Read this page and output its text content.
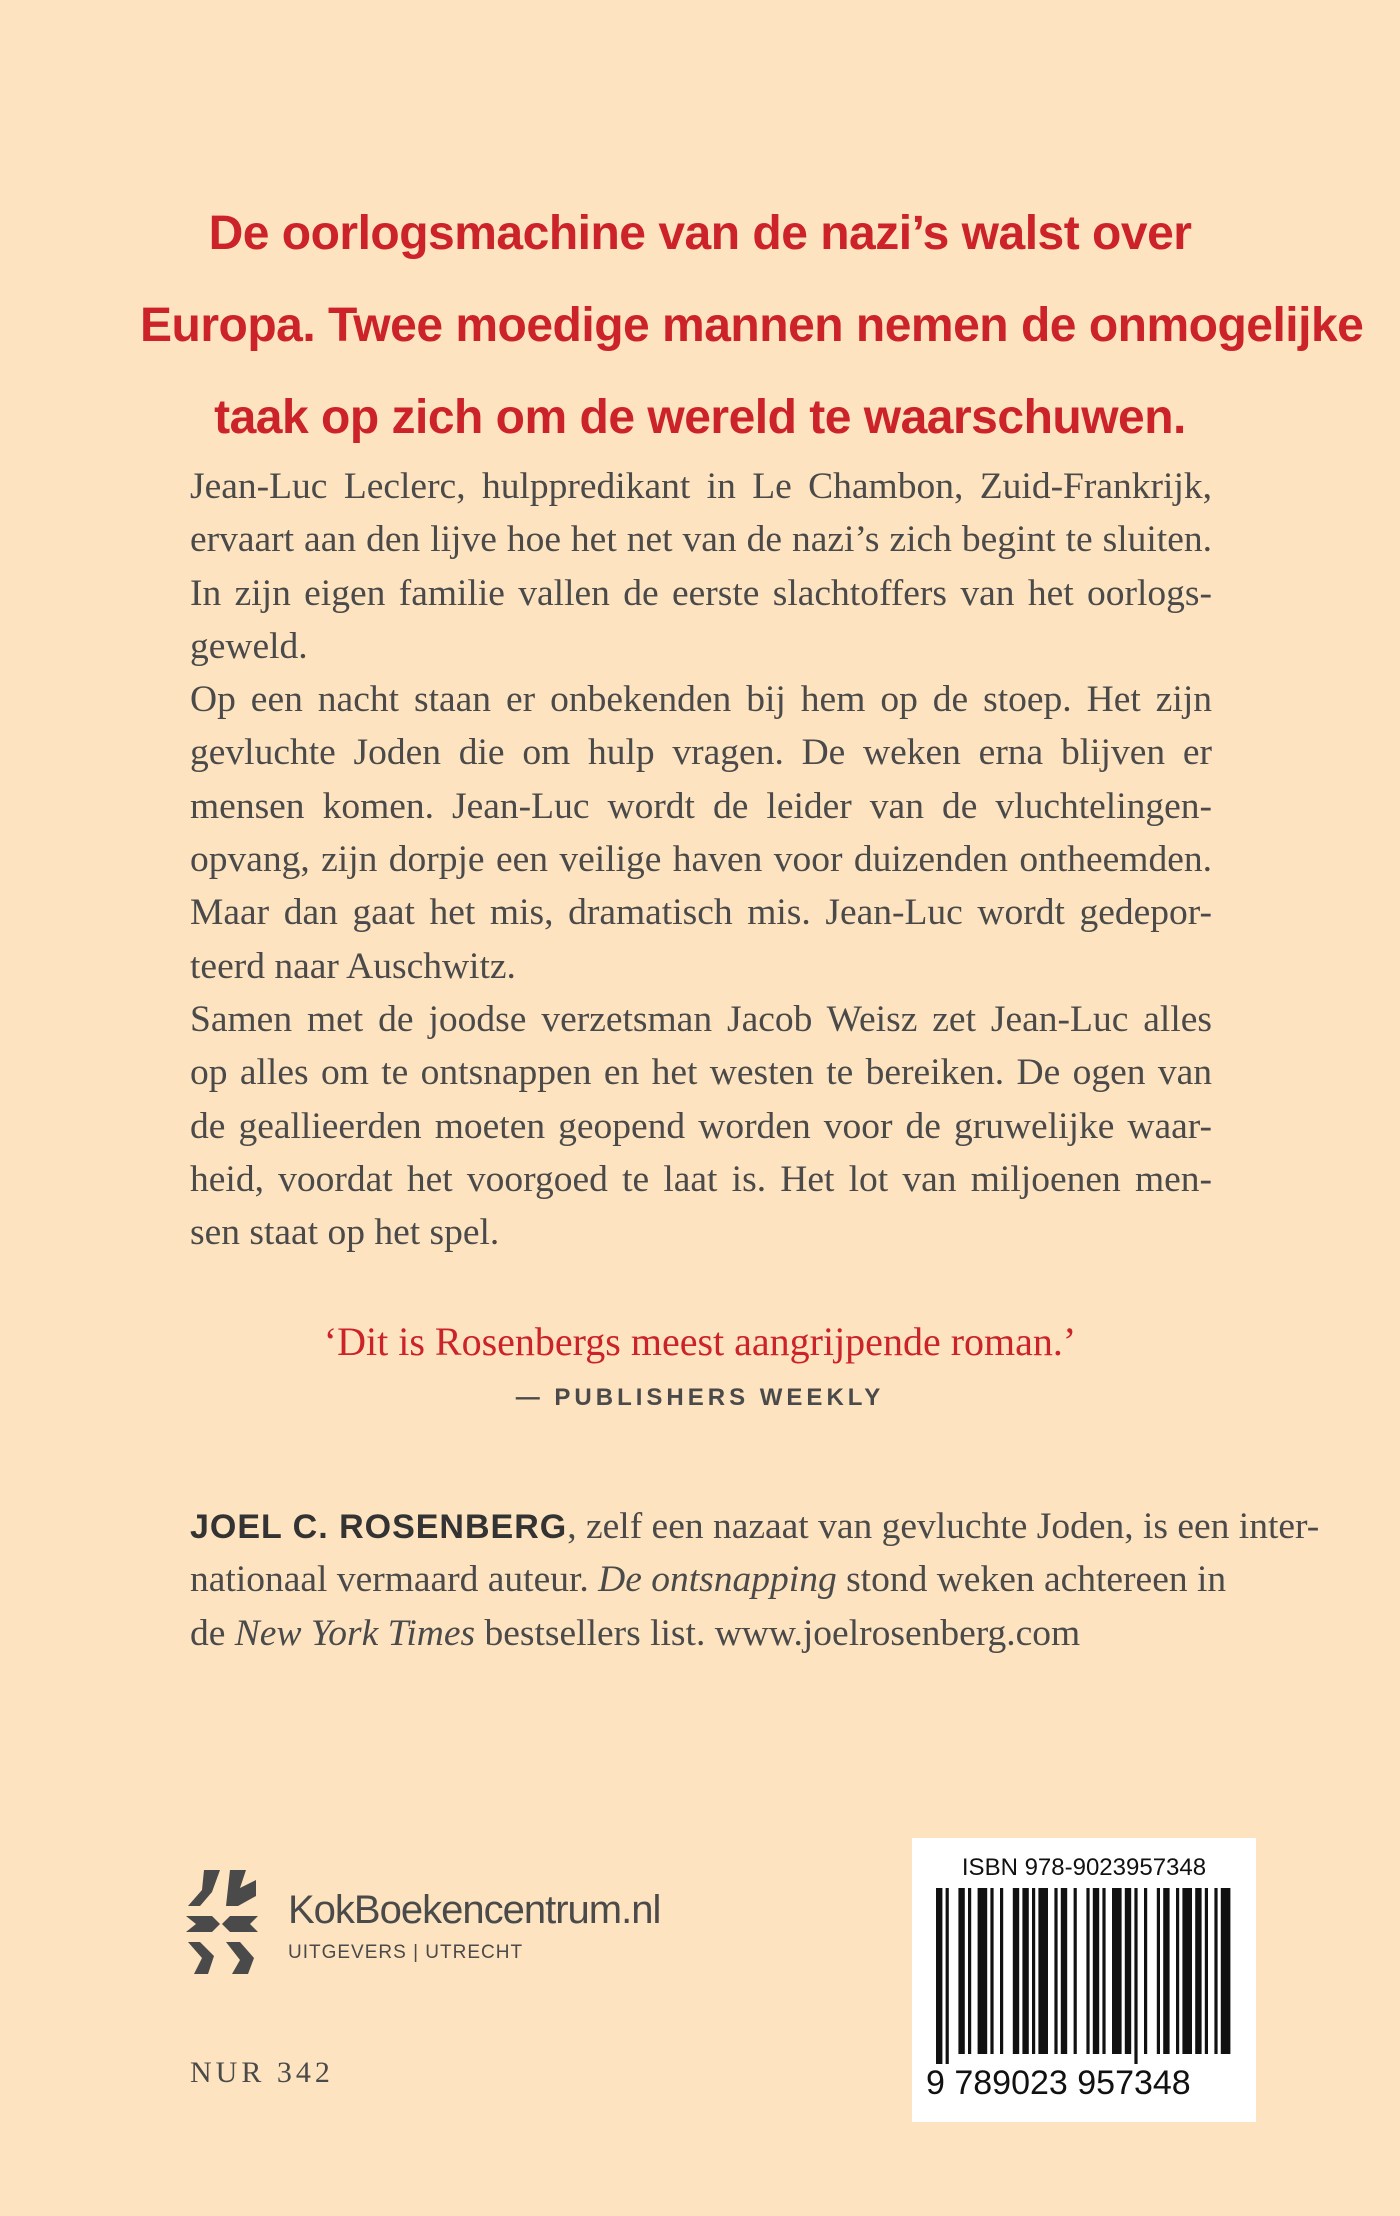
De oorlogsmachine van de nazi’s walst over
Europa. Twee moedige mannen nemen de onmogelijke
taak op zich om de wereld te waarschuwen.
Jean-Luc Leclerc, hulppredikant in Le Chambon, Zuid-Frankrijk,
ervaart aan den lijve hoe het net van de nazi’s zich begint te sluiten.
In zijn eigen familie vallen de eerste slachtoffers van het oorlogs-
geweld.
Op een nacht staan er onbekenden bij hem op de stoep. Het zijn
gevluchte Joden die om hulp vragen. De weken erna blijven er
mensen komen. Jean-Luc wordt de leider van de vluchtelingen-
opvang, zijn dorpje een veilige haven voor duizenden ontheemden.
Maar dan gaat het mis, dramatisch mis. Jean-Luc wordt gedepor-
teerd naar Auschwitz.
Samen met de joodse verzetsman Jacob Weisz zet Jean-Luc alles
op alles om te ontsnappen en het westen te bereiken. De ogen van
de geallieerden moeten geopend worden voor de gruwelijke waar-
heid, voordat het voorgoed te laat is. Het lot van miljoenen men-
sen staat op het spel.
‘Dit is Rosenbergs meest aangrijpende roman.’
— PUBLISHERS WEEKLY
JOEL C. ROSENBERG, zelf een nazaat van gevluchte Joden, is een inter-
nationaal vermaard auteur. De ontsnapping stond weken achtereen in
de New York Times bestsellers list. www.joelrosenberg.com
KokBoekencentrum.nl
UITGEVERS | UTRECHT
NUR 342
ISBN 978-9023957348
9 789023 957348
